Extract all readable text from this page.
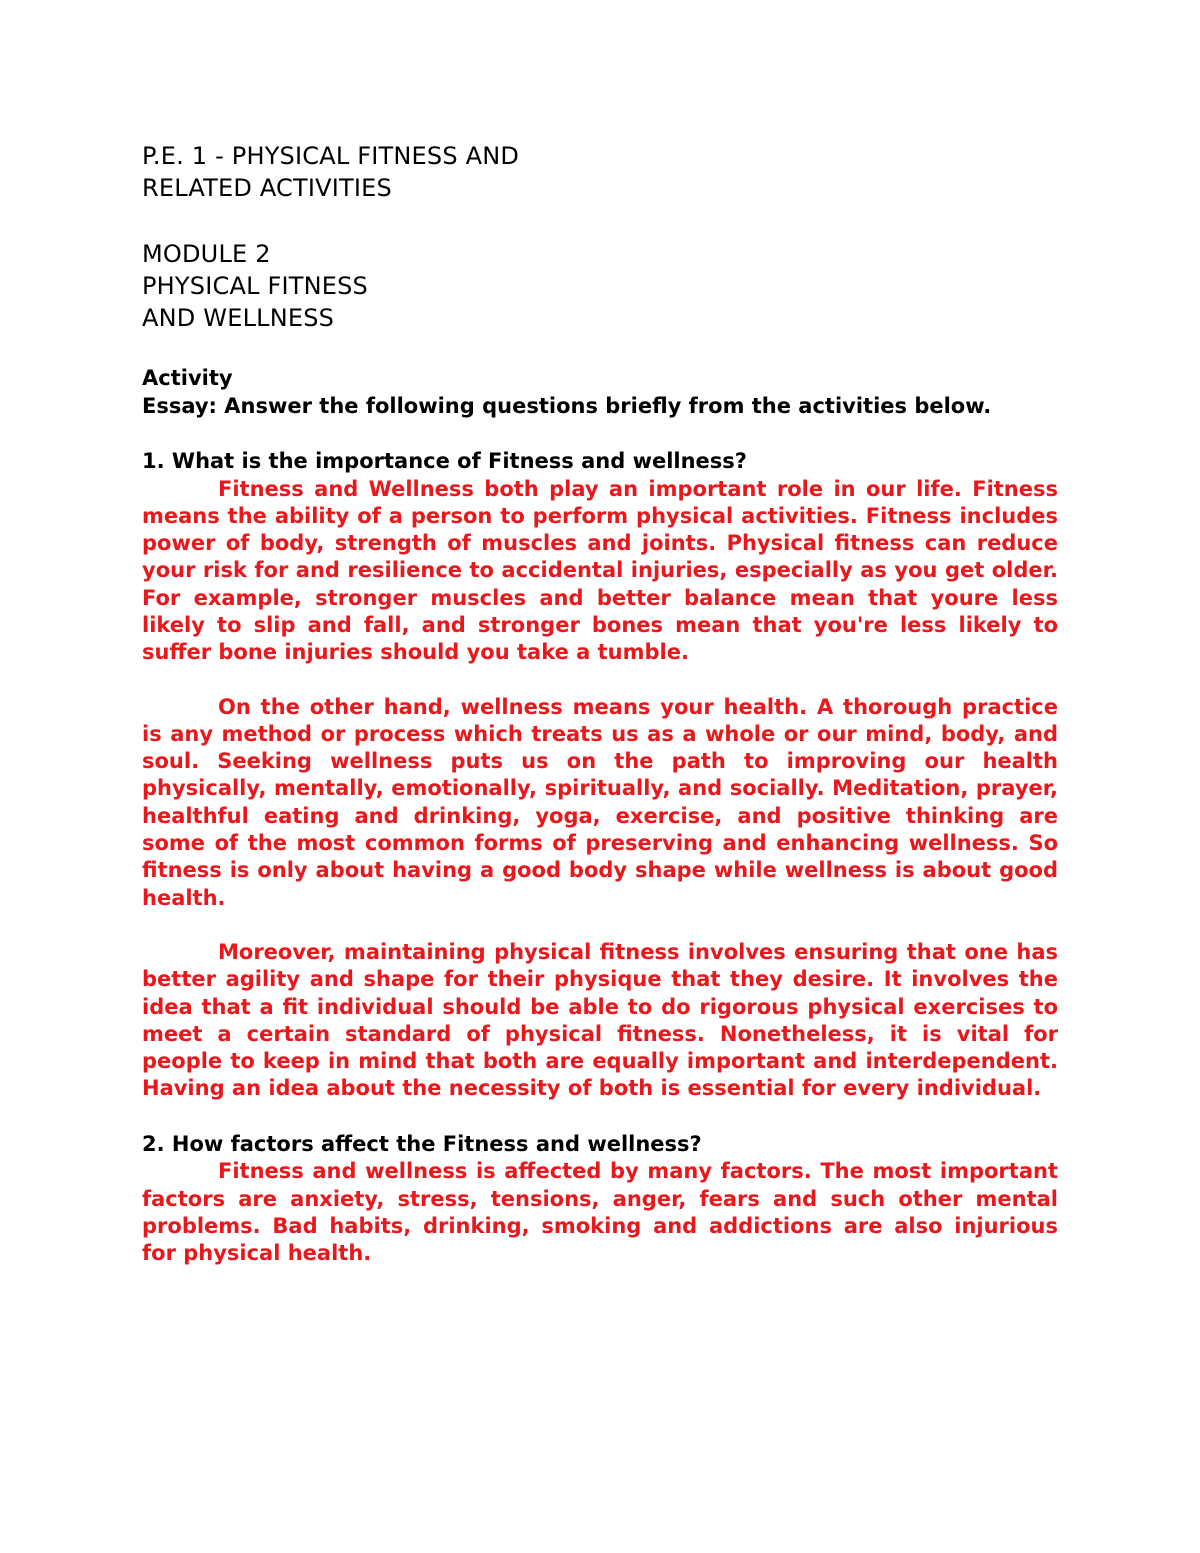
P.E. 1 - PHYSICAL FITNESS AND
RELATED ACTIVITIES
MODULE 2
PHYSICAL FITNESS
AND WELLNESS
Activity
Essay: Answer the following questions briefly from the activities below.
1. What is the importance of Fitness and wellness?

Fitness and Wellness both play an important role in our life. Fitness means the ability of a person to perform physical activities. Fitness includes power of body, strength of muscles and joints. Physical fitness can reduce your risk for and resilience to accidental injuries, especially as you get older. For example, stronger muscles and better balance mean that youre less likely to slip and fall, and stronger bones mean that you're less likely to suffer bone injuries should you take a tumble.

On the other hand, wellness means your health. A thorough practice is any method or process which treats us as a whole or our mind, body, and soul. Seeking wellness puts us on the path to improving our health physically, mentally, emotionally, spiritually, and socially. Meditation, prayer, healthful eating and drinking, yoga, exercise, and positive thinking are some of the most common forms of preserving and enhancing wellness. So fitness is only about having a good body shape while wellness is about good health.

Moreover, maintaining physical fitness involves ensuring that one has better agility and shape for their physique that they desire. It involves the idea that a fit individual should be able to do rigorous physical exercises to meet a certain standard of physical fitness. Nonetheless, it is vital for people to keep in mind that both are equally important and interdependent. Having an idea about the necessity of both is essential for every individual.

2. How factors affect the Fitness and wellness?

Fitness and wellness is affected by many factors. The most important factors are anxiety, stress, tensions, anger, fears and such other mental problems. Bad habits, drinking, smoking and addictions are also injurious for physical health.
